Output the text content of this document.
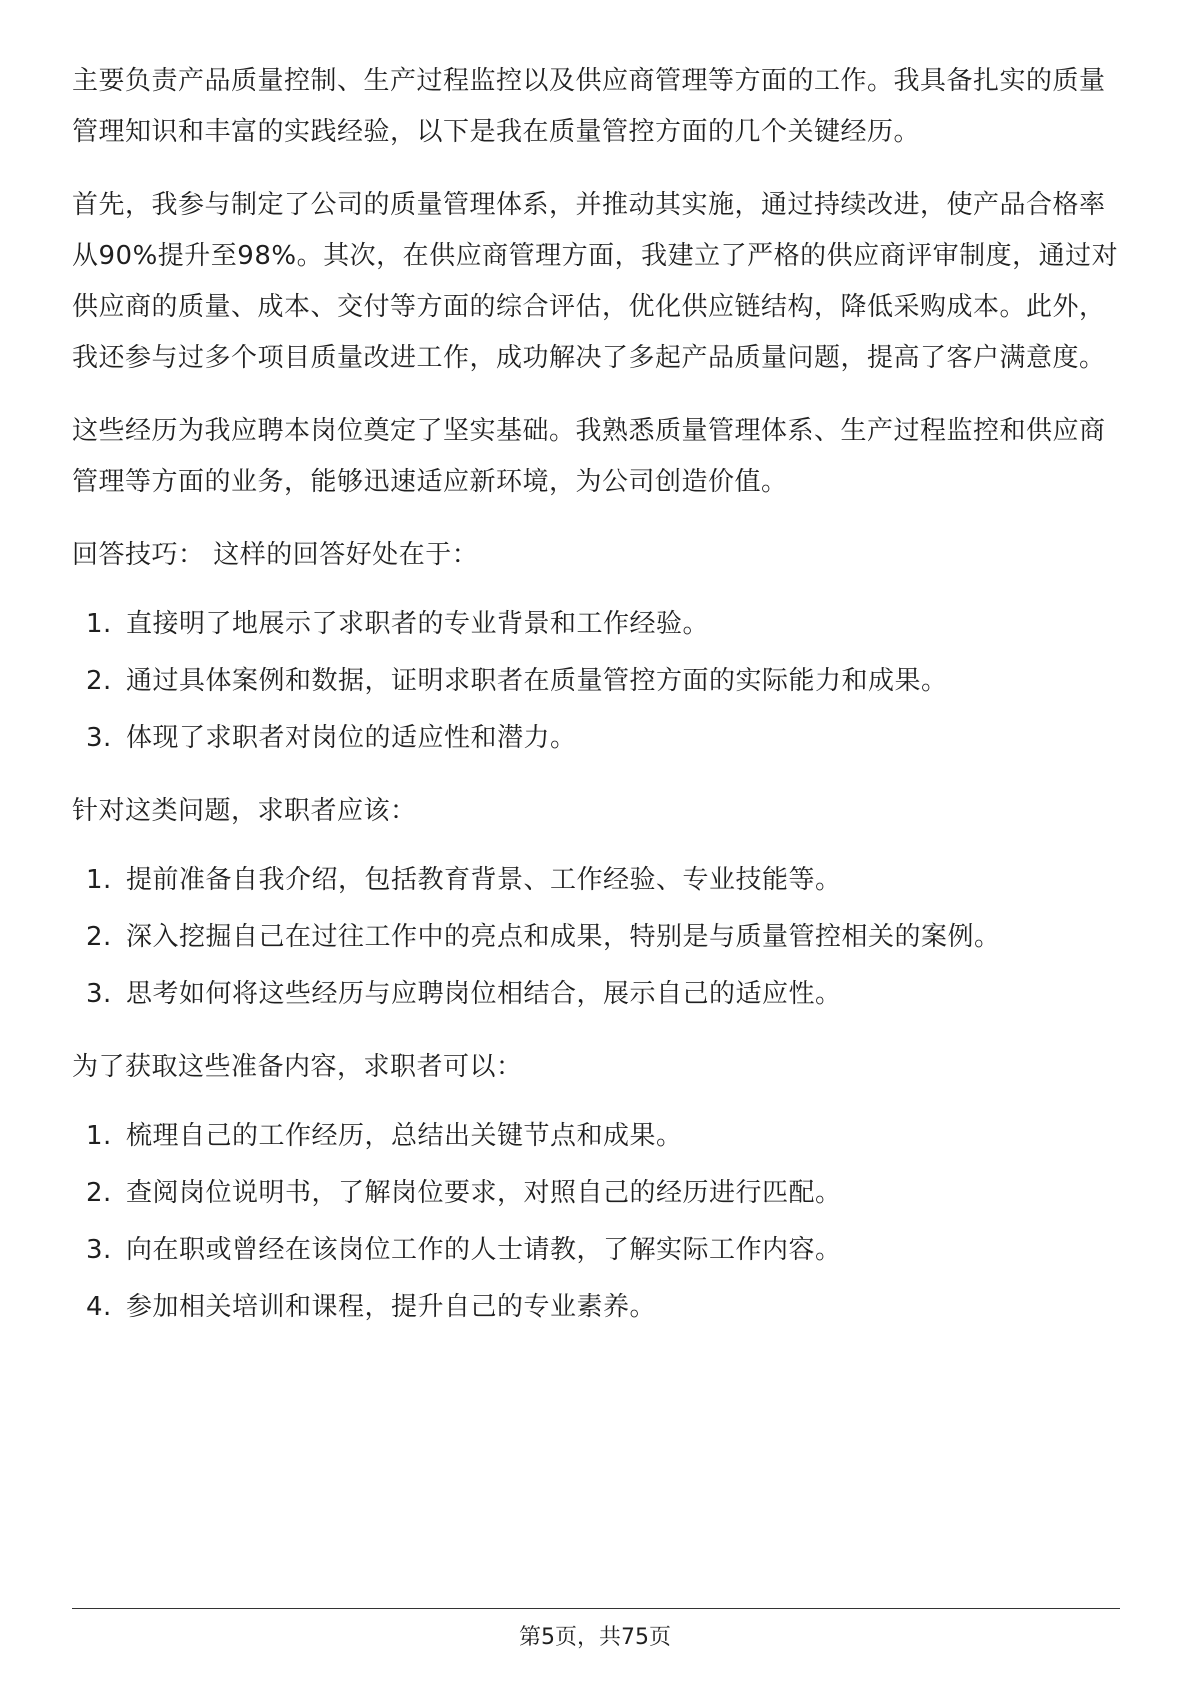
主要负责产品质量控制、生产过程监控以及供应商管理等方面的工作。我具备扎实的质量管理知识和丰富的实践经验，以下是我在质量管控方面的几个关键经历。

首先，我参与制定了公司的质量管理体系，并推动其实施，通过持续改进，使产品合格率从90%提升至98%。其次，在供应商管理方面，我建立了严格的供应商评审制度，通过对供应商的质量、成本、交付等方面的综合评估，优化供应链结构，降低采购成本。此外，我还参与过多个项目质量改进工作，成功解决了多起产品质量问题，提高了客户满意度。

这些经历为我应聘本岗位奠定了坚实基础。我熟悉质量管理体系、生产过程监控和供应商管理等方面的业务，能够迅速适应新环境，为公司创造价值。

回答技巧： 这样的回答好处在于：

1. 直接明了地展示了求职者的专业背景和工作经验。
2. 通过具体案例和数据，证明求职者在质量管控方面的实际能力和成果。
3. 体现了求职者对岗位的适应性和潜力。

针对这类问题，求职者应该：

1. 提前准备自我介绍，包括教育背景、工作经验、专业技能等。
2. 深入挖掘自己在过往工作中的亮点和成果，特别是与质量管控相关的案例。
3. 思考如何将这些经历与应聘岗位相结合，展示自己的适应性。

为了获取这些准备内容，求职者可以：

1. 梳理自己的工作经历，总结出关键节点和成果。
2. 查阅岗位说明书，了解岗位要求，对照自己的经历进行匹配。
3. 向在职或曾经在该岗位工作的人士请教，了解实际工作内容。
4. 参加相关培训和课程，提升自己的专业素养。
第5页，共75页
